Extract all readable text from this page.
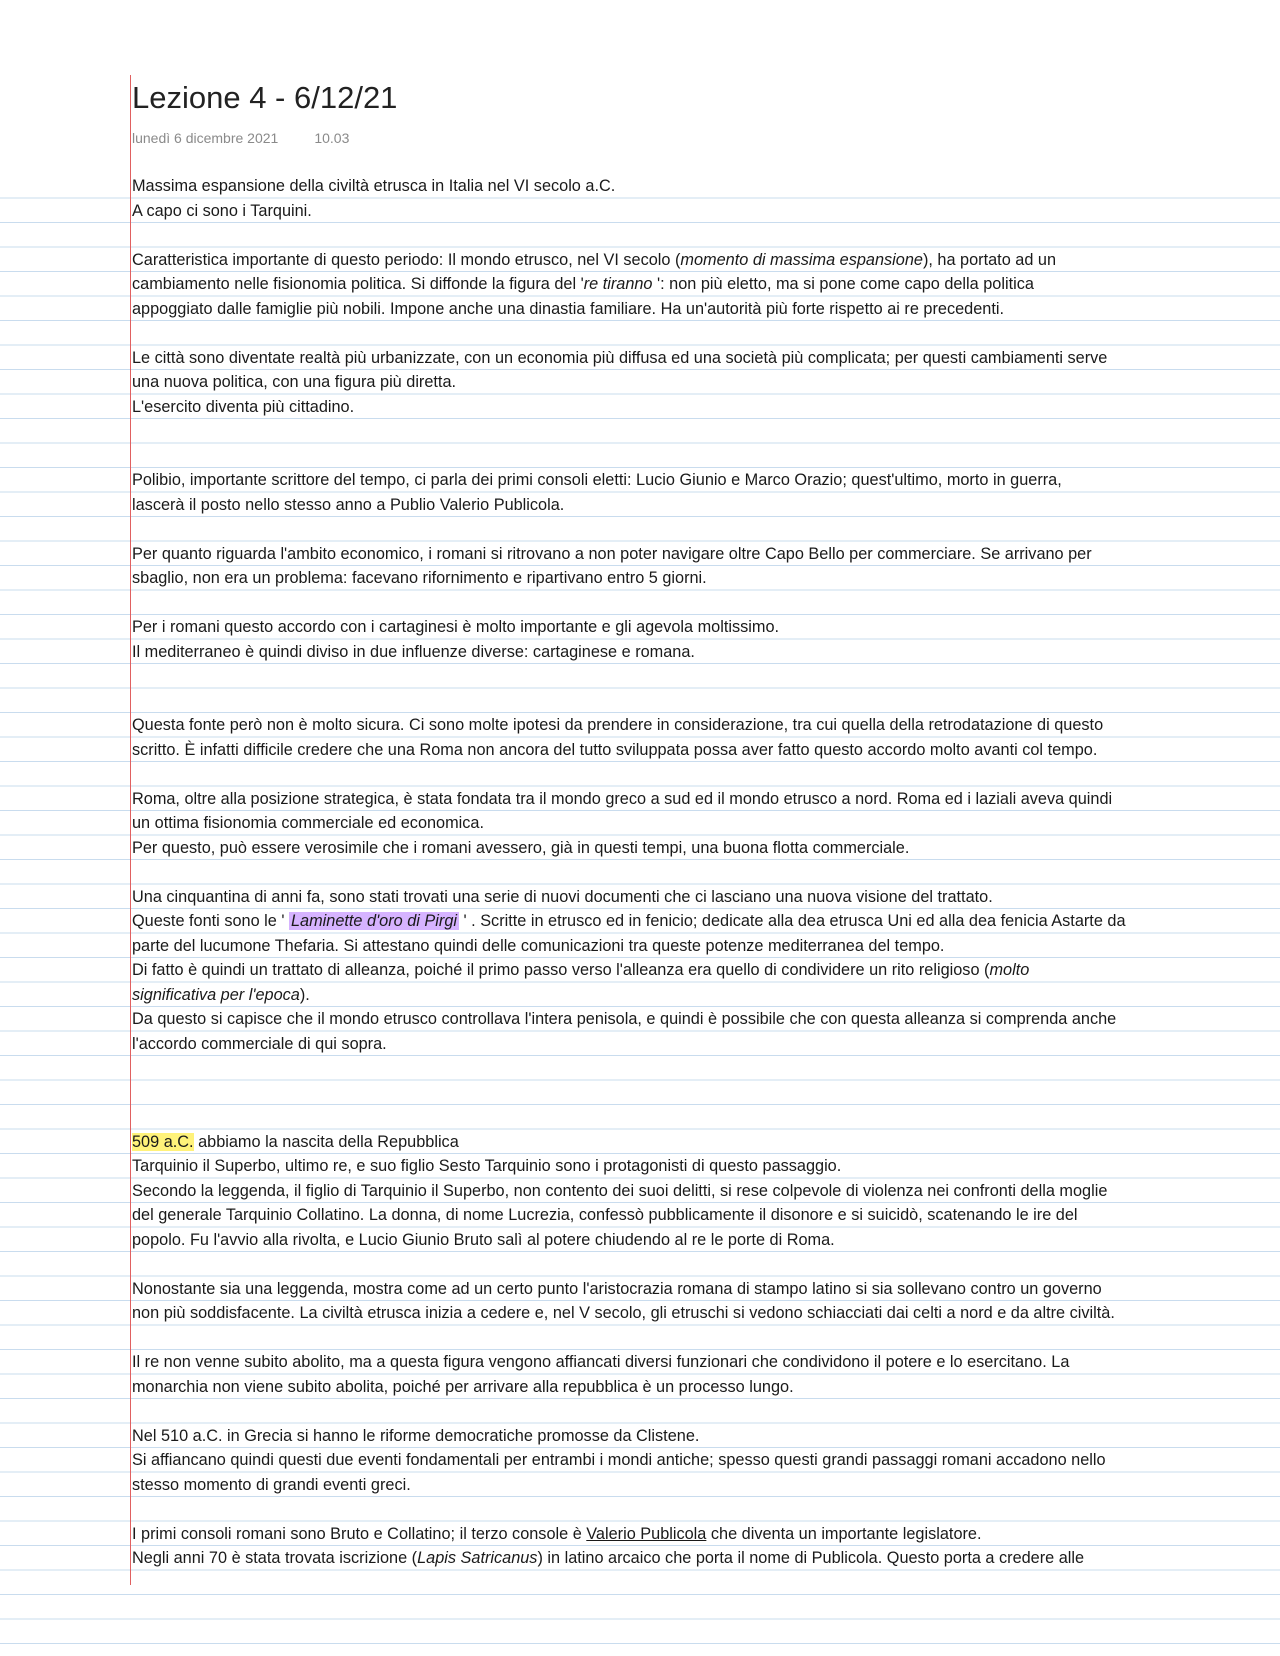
Lezione 4 - 6/12/21
lunedì 6 dicembre 2021	10.03
Massima espansione della civiltà etrusca in Italia nel VI secolo a.C.
A capo ci sono i Tarquini.
Caratteristica importante di questo periodo: Il mondo etrusco, nel VI secolo (momento di massima espansione), ha portato ad un
cambiamento nelle fisionomia politica. Si diffonde la figura del 're tiranno ': non più eletto, ma si pone come capo della politica
appoggiato dalle famiglie più nobili. Impone anche una dinastia familiare. Ha un'autorità più forte rispetto ai re precedenti.
Le città sono diventate realtà più urbanizzate, con un economia più diffusa ed una società più complicata; per questi cambiamenti serve
una nuova politica, con una figura più diretta.
L'esercito diventa più cittadino.
Polibio, importante scrittore del tempo, ci parla dei primi consoli eletti: Lucio Giunio e Marco Orazio; quest'ultimo, morto in guerra,
lascerà il posto nello stesso anno a Publio Valerio Publicola.
Per quanto riguarda l'ambito economico, i romani si ritrovano a non poter navigare oltre Capo Bello per commerciare. Se arrivano per
sbaglio, non era un problema: facevano rifornimento e ripartivano entro 5 giorni.
Per i romani questo accordo con i cartaginesi è molto importante e gli agevola moltissimo.
Il mediterraneo è quindi diviso in due influenze diverse: cartaginese e romana.
Questa fonte però non è molto sicura. Ci sono molte ipotesi da prendere in considerazione, tra cui quella della retrodatazione di questo
scritto. È infatti difficile credere che una Roma non ancora del tutto sviluppata possa aver fatto questo accordo molto avanti col tempo.
Roma, oltre alla posizione strategica, è stata fondata tra il mondo greco a sud ed il mondo etrusco a nord. Roma ed i laziali aveva quindi
un ottima fisionomia commerciale ed economica.
Per questo, può essere verosimile che i romani avessero, già in questi tempi, una buona flotta commerciale.
Una cinquantina di anni fa, sono stati trovati una serie di nuovi documenti che ci lasciano una nuova visione del trattato.
Queste fonti sono le ' Laminette d'oro di Pirgi ' . Scritte in etrusco ed in fenicio; dedicate alla dea etrusca Uni ed alla dea fenicia Astarte da
parte del lucumone Thefaria. Si attestano quindi delle comunicazioni tra queste potenze mediterranea del tempo.
Di fatto è quindi un trattato di alleanza, poiché il primo passo verso l'alleanza era quello di condividere un rito religioso (molto
significativa per l'epoca).
Da questo si capisce che il mondo etrusco controllava l'intera penisola, e quindi è possibile che con questa alleanza si comprenda anche
l'accordo commerciale di qui sopra.
509 a.C. abbiamo la nascita della Repubblica
Tarquinio il Superbo, ultimo re, e suo figlio Sesto Tarquinio sono i protagonisti di questo passaggio.
Secondo la leggenda, il figlio di Tarquinio il Superbo, non contento dei suoi delitti, si rese colpevole di violenza nei confronti della moglie
del generale Tarquinio Collatino. La donna, di nome Lucrezia, confessò pubblicamente il disonore e si suicidò, scatenando le ire del
popolo. Fu l'avvio alla rivolta, e Lucio Giunio Bruto salì al potere chiudendo al re le porte di Roma.
Nonostante sia una leggenda, mostra come ad un certo punto l'aristocrazia romana di stampo latino si sia sollevano contro un governo
non più soddisfacente. La civiltà etrusca inizia a cedere e, nel V secolo, gli etruschi si vedono schiacciati dai celti a nord e da altre civiltà.
Il re non venne subito abolito, ma a questa figura vengono affiancati diversi funzionari che condividono il potere e lo esercitano. La
monarchia non viene subito abolita, poiché per arrivare alla repubblica è un processo lungo.
Nel 510 a.C. in Grecia si hanno le riforme democratiche promosse da Clistene.
Si affiancano quindi questi due eventi fondamentali per entrambi i mondi antiche; spesso questi grandi passaggi romani accadono nello
stesso momento di grandi eventi greci.
I primi consoli romani sono Bruto e Collatino; il terzo console è Valerio Publicola che diventa un importante legislatore.
Negli anni 70 è stata trovata iscrizione (Lapis Satricanus) in latino arcaico che porta il nome di Publicola. Questo porta a credere alle
